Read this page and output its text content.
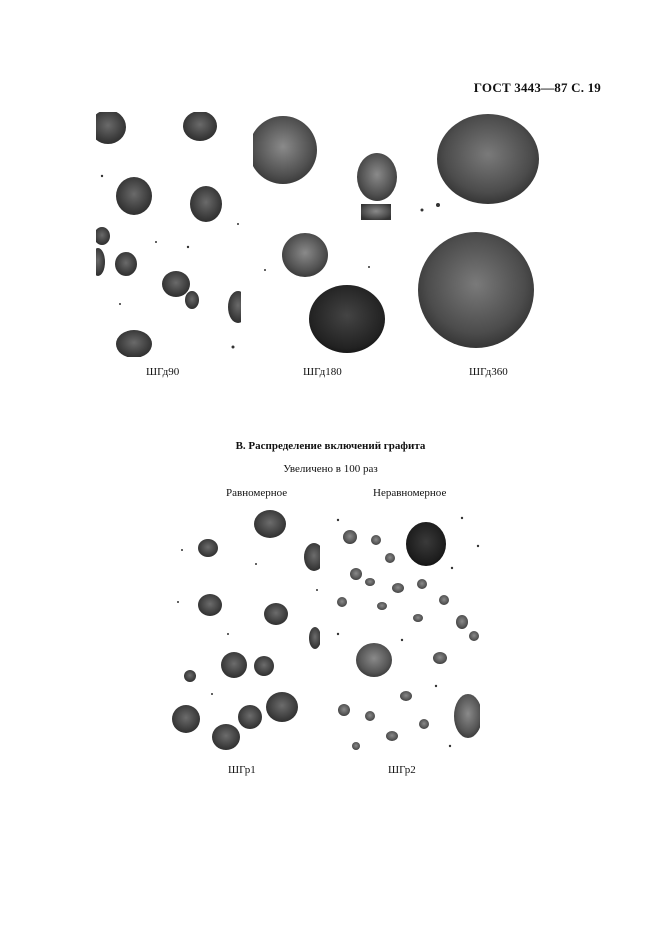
ГОСТ 3443—87 С. 19
ШГд90	ШГд180	ШГд360
В. Распределение включений графита
Увеличено в 100 раз
Равномерное	Неравномерное
ШГр1	ШГр2
